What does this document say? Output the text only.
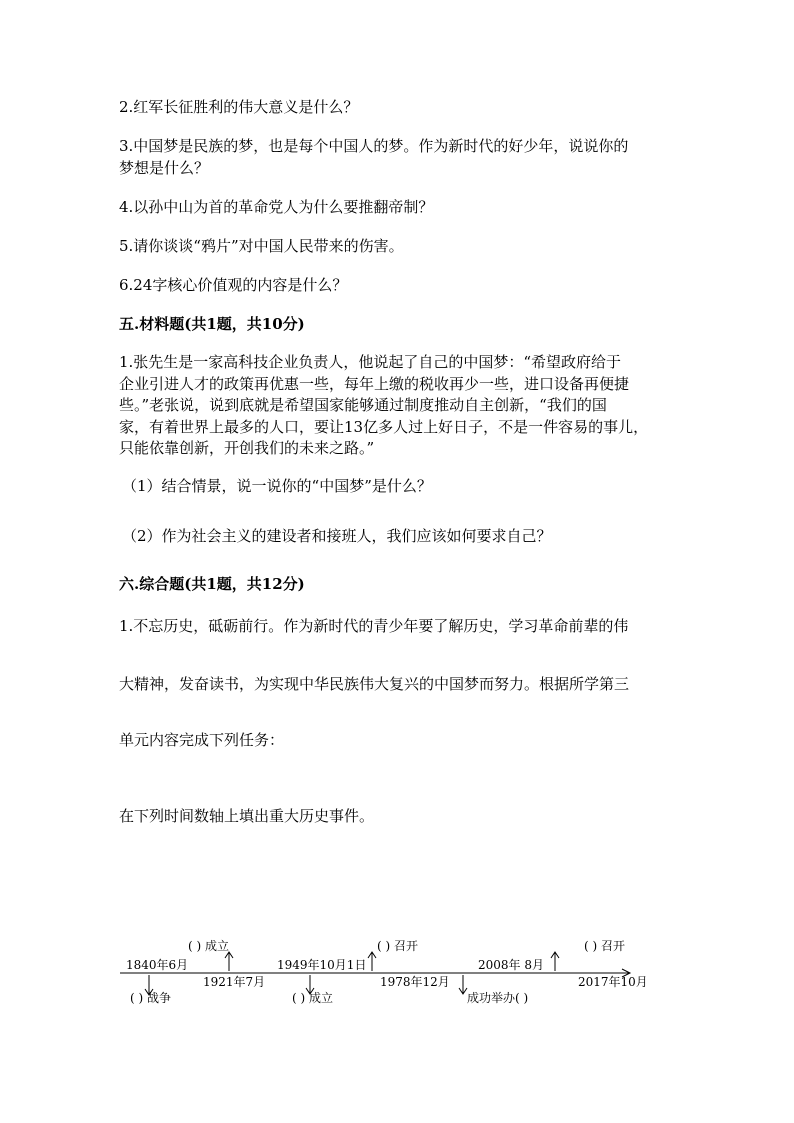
2.红军长征胜利的伟大意义是什么？
3.中国梦是民族的梦，也是每个中国人的梦。作为新时代的好少年，说说你的
梦想是什么？
4.以孙中山为首的革命党人为什么要推翻帝制？
5.请你谈谈“鸦片”对中国人民带来的伤害。
6.24字核心价值观的内容是什么？
五.材料题(共1题，共10分)
1.张先生是一家高科技企业负责人，他说起了自己的中国梦：“希望政府给于
企业引进人才的政策再优惠一些，每年上缴的税收再少一些，进口设备再便捷
些。”老张说，说到底就是希望国家能够通过制度推动自主创新，“我们的国
家，有着世界上最多的人口，要让13亿多人过上好日子，不是一件容易的事儿，
只能依靠创新，开创我们的未来之路。”
（1）结合情景，说一说你的“中国梦”是什么？
（2）作为社会主义的建设者和接班人，我们应该如何要求自己？
六.综合题(共1题，共12分)
1.不忘历史，砥砺前行。作为新时代的青少年要了解历史，学习革命前辈的伟
大精神，发奋读书，为实现中华民族伟大复兴的中国梦而努力。根据所学第三
单元内容完成下列任务：
在下列时间数轴上填出重大历史事件。
( ) 成立	( ) 召开	( ) 召开
1840年6月	1949年10月1日	2008年 8月
1921年7月	1978年12月	2017年10月
( ) 战争	( ) 成立	成功举办( )
